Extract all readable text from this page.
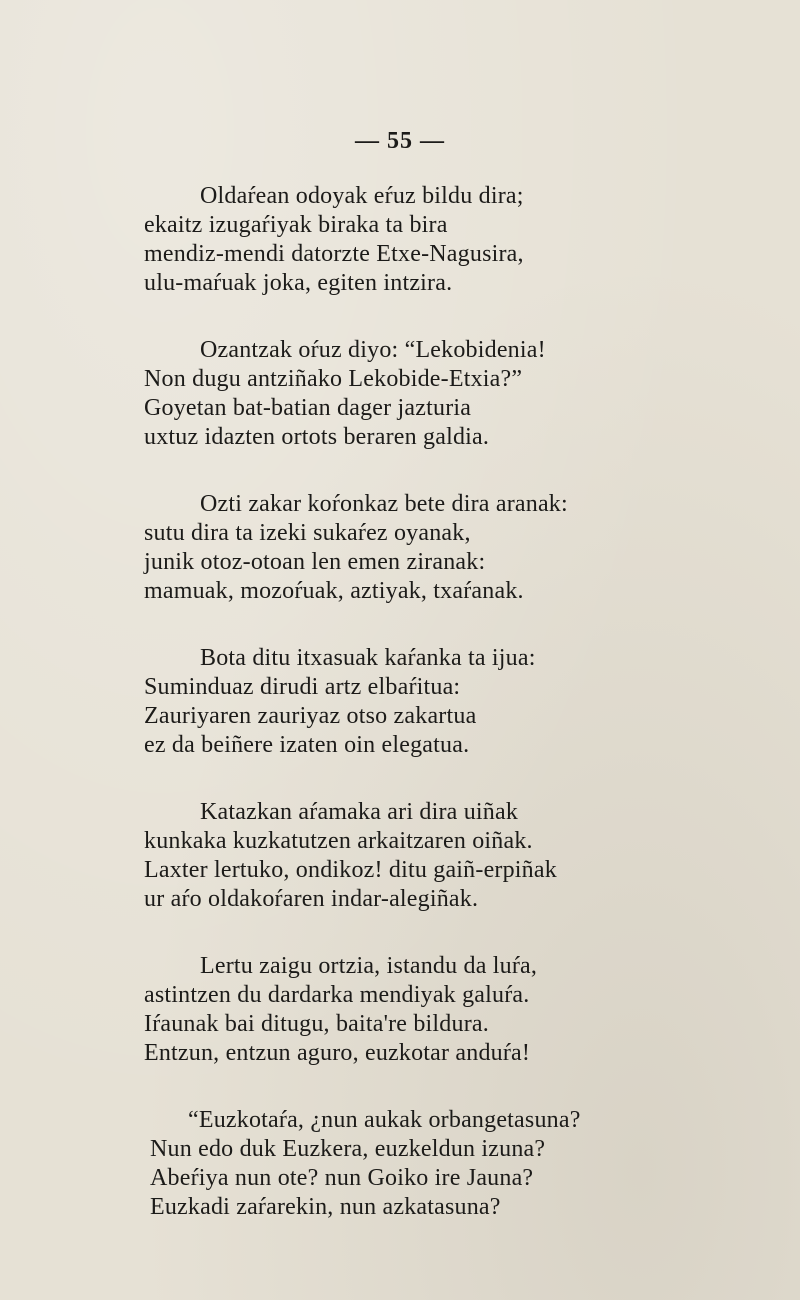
— 55 —
Oldaŕean odoyak eŕuz bildu dira;
ekaitz izugaŕiyak biraka ta bira
mendiz-mendi datorzte Etxe-Nagusira,
ulu-maŕuak joka, egiten intzira.
Ozantzak oŕuz diyo: “Lekobidenia!
Non dugu antziñako Lekobide-Etxia?”
Goyetan bat-batian dager jazturia
uxtuz idazten ortots beraren galdia.
Ozti zakar koŕonkaz bete dira aranak:
sutu dira ta izeki sukaŕez oyanak,
junik otoz-otoan len emen ziranak:
mamuak, mozoŕuak, aztiyak, txaŕanak.
Bota ditu itxasuak kaŕanka ta ijua:
Suminduaz dirudi artz elbaŕitua:
Zauriyaren zauriyaz otso zakartua
ez da beiñere izaten oin elegatua.
Katazkan aŕamaka ari dira uiñak
kunkaka kuzkatutzen arkaitzaren oiñak.
Laxter lertuko, ondikoz! ditu gaiñ-erpiñak
ur aŕo oldakoŕaren indar-alegiñak.
Lertu zaigu ortzia, istandu da luŕa,
astintzen du dardarka mendiyak galuŕa.
Iŕaunak bai ditugu, baita're bildura.
Entzun, entzun aguro, euzkotar anduŕa!
“Euzkotaŕa, ¿nun aukak orbangetasuna?
Nun edo duk Euzkera, euzkeldun izuna?
Abeŕiya nun ote? nun Goiko ire Jauna?
Euzkadi zaŕarekin, nun azkatasuna?
